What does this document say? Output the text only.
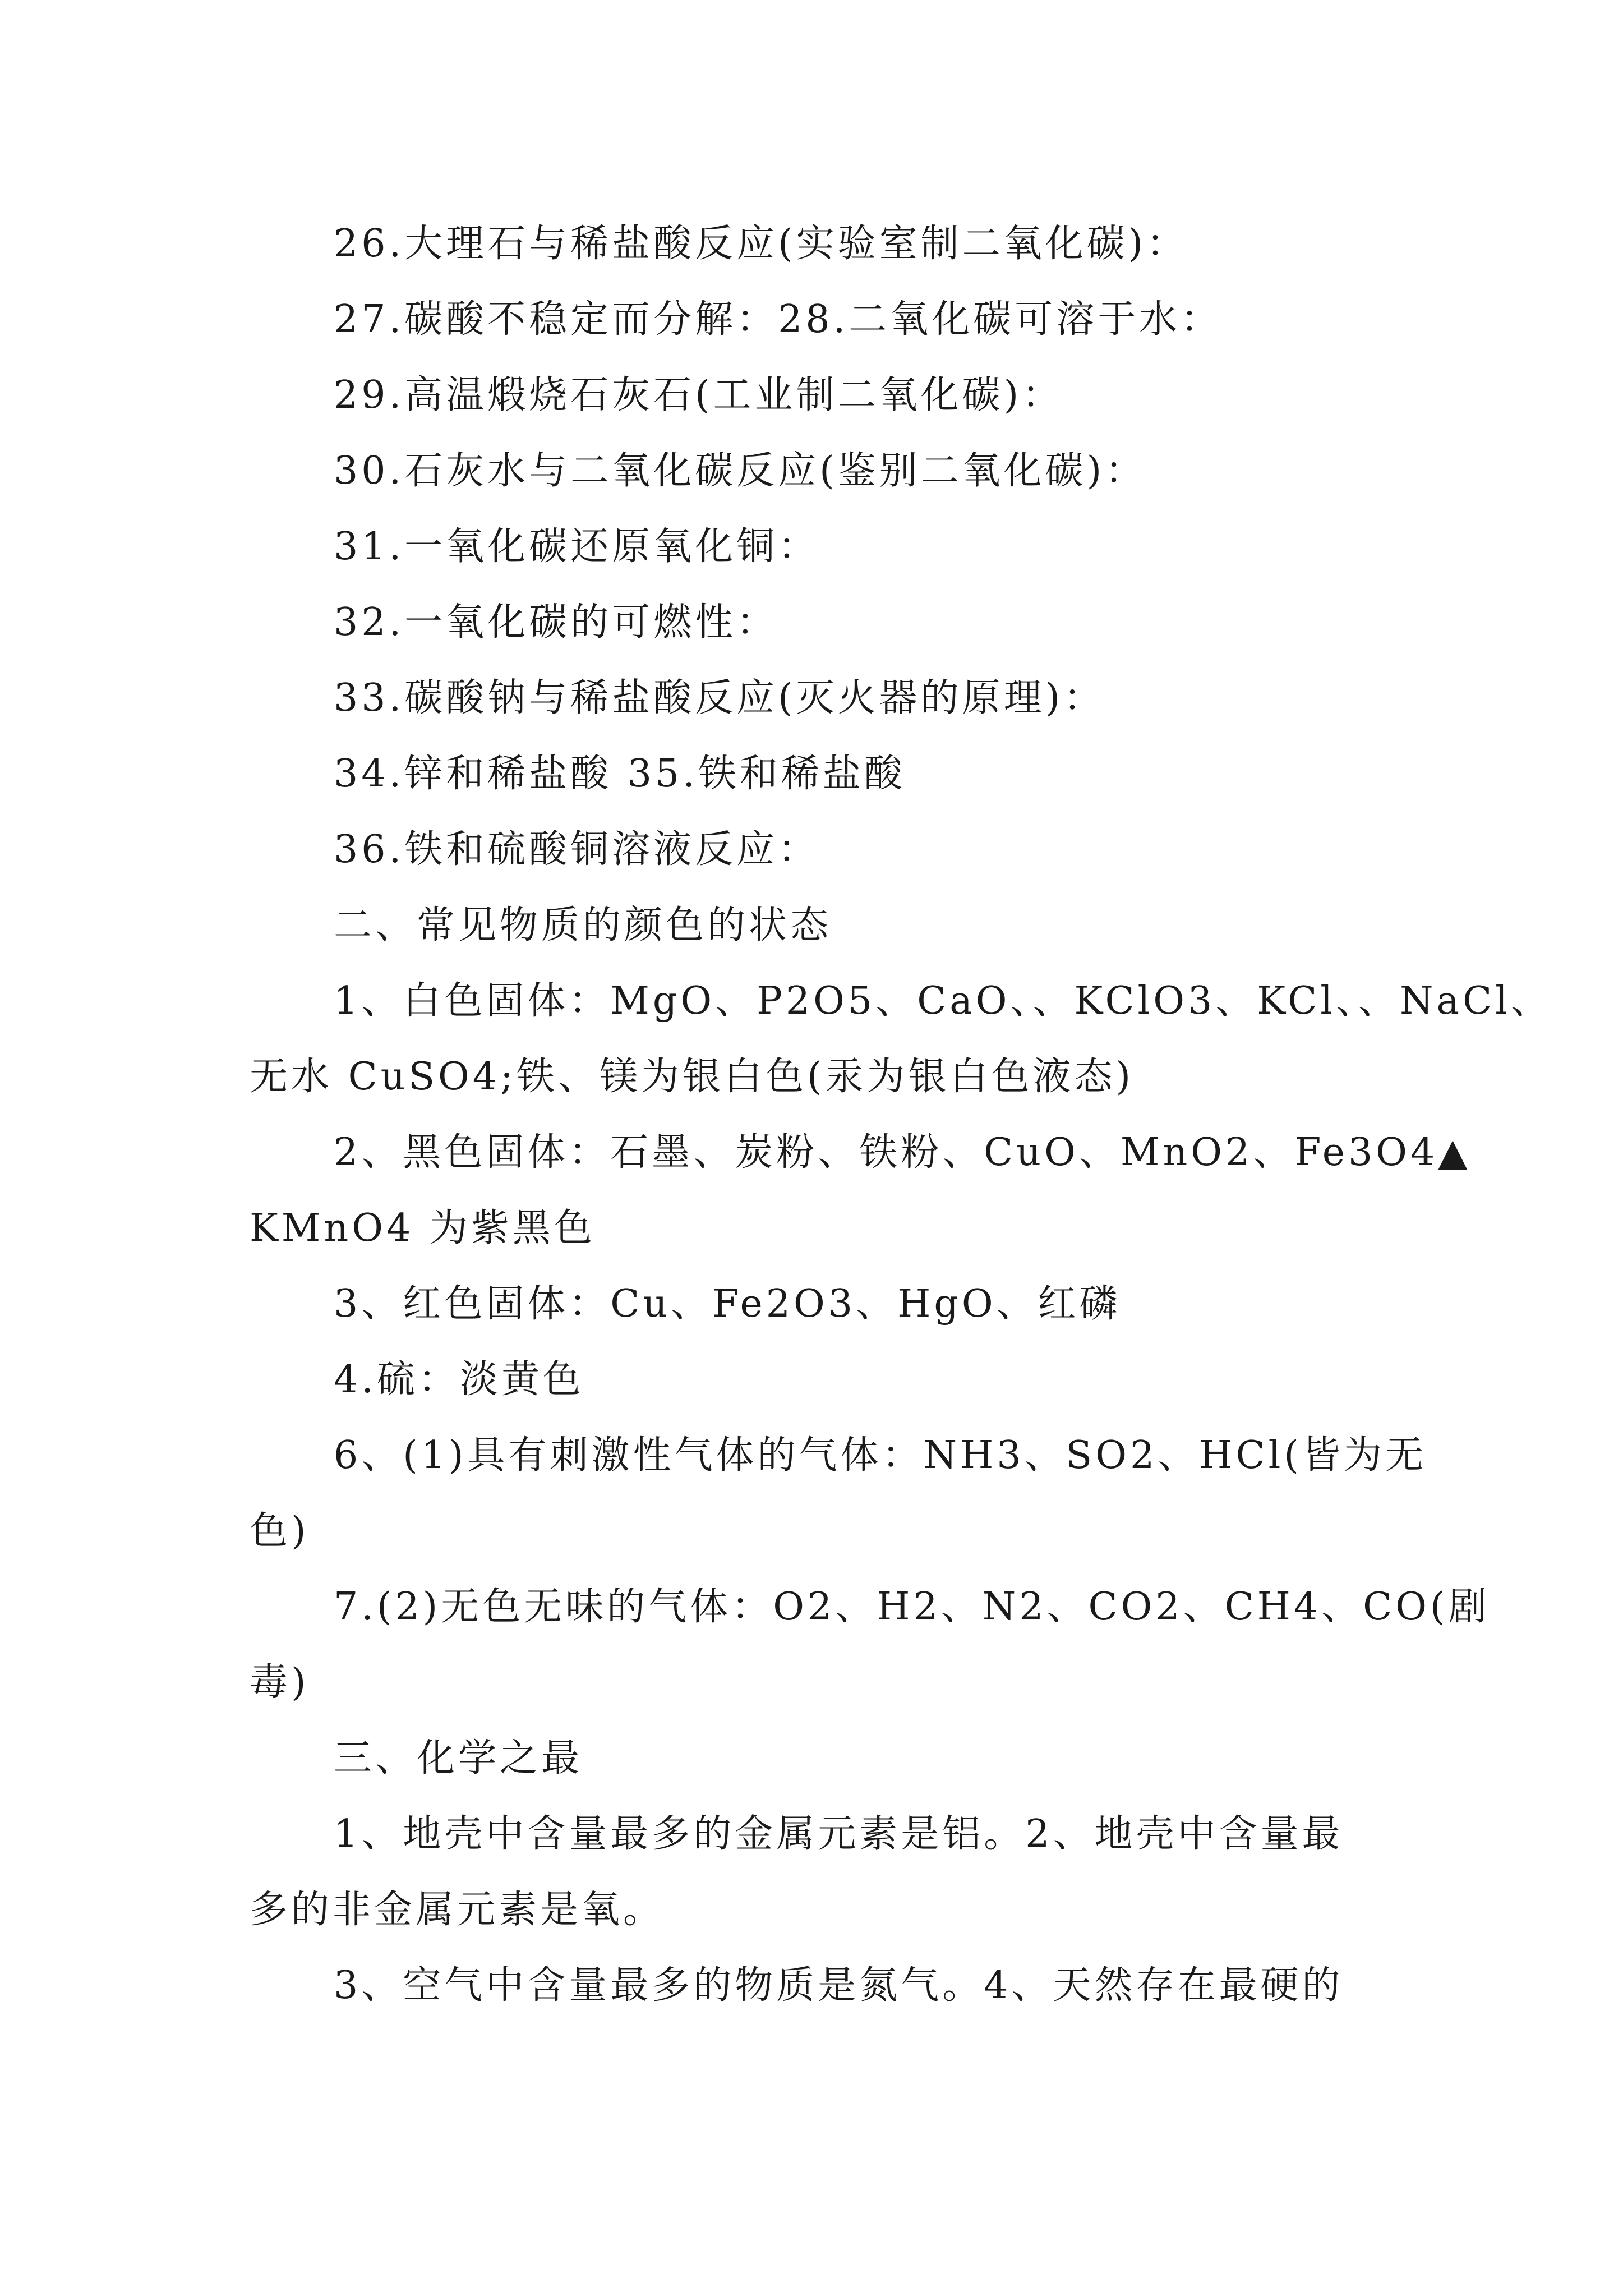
26.大理石与稀盐酸反应(实验室制二氧化碳)：
27.碳酸不稳定而分解：28.二氧化碳可溶于水：
29.高温煅烧石灰石(工业制二氧化碳)：
30.石灰水与二氧化碳反应(鉴别二氧化碳)：
31.一氧化碳还原氧化铜：
32.一氧化碳的可燃性：
33.碳酸钠与稀盐酸反应(灭火器的原理)：
34.锌和稀盐酸 35.铁和稀盐酸
36.铁和硫酸铜溶液反应：
二、常见物质的颜色的状态
1、白色固体：MgO、P2O5、CaO、、KClO3、KCl、、NaCl、
无水 CuSO4;铁、镁为银白色(汞为银白色液态)
2、黑色固体：石墨、炭粉、铁粉、CuO、MnO2、Fe3O4▲
KMnO4 为紫黑色
3、红色固体：Cu、Fe2O3、HgO、红磷
4.硫：淡黄色
6、(1)具有刺激性气体的气体：NH3、SO2、HCl(皆为无
色)
7.(2)无色无味的气体：O2、H2、N2、CO2、CH4、CO(剧
毒)
三、化学之最
1、地壳中含量最多的金属元素是铝。2、地壳中含量最
多的非金属元素是氧。
3、空气中含量最多的物质是氮气。4、天然存在最硬的
